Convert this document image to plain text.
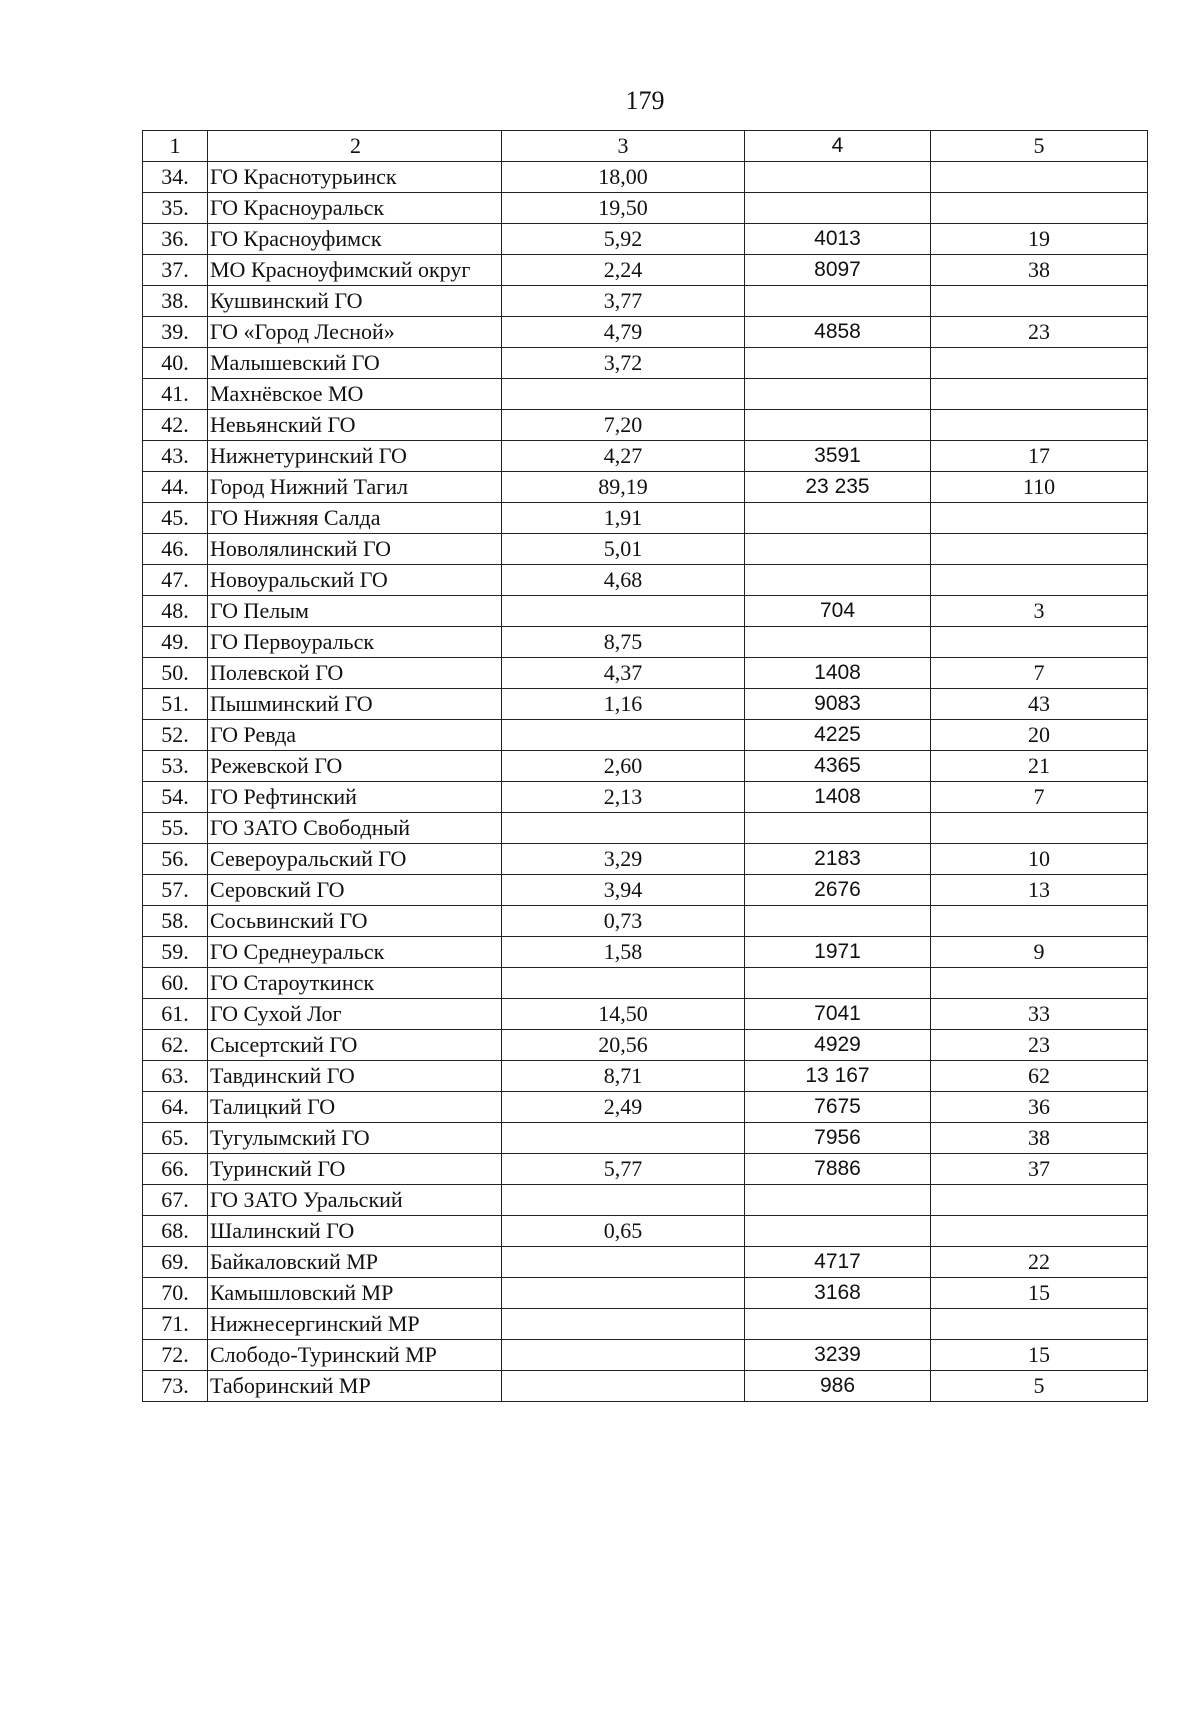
179
1	2	3	4	5
34.	ГО Краснотурьинск	18,00		
35.	ГО Красноуральск	19,50		
36.	ГО Красноуфимск	5,92	4013	19
37.	МО Красноуфимский округ	2,24	8097	38
38.	Кушвинский ГО	3,77		
39.	ГО «Город Лесной»	4,79	4858	23
40.	Малышевский ГО	3,72		
41.	Махнёвское МО			
42.	Невьянский ГО	7,20		
43.	Нижнетуринский ГО	4,27	3591	17
44.	Город Нижний Тагил	89,19	23 235	110
45.	ГО Нижняя Салда	1,91		
46.	Новолялинский ГО	5,01		
47.	Новоуральский ГО	4,68		
48.	ГО Пелым		704	3
49.	ГО Первоуральск	8,75		
50.	Полевской ГО	4,37	1408	7
51.	Пышминский ГО	1,16	9083	43
52.	ГО Ревда		4225	20
53.	Режевской ГО	2,60	4365	21
54.	ГО Рефтинский	2,13	1408	7
55.	ГО ЗАТО Свободный			
56.	Североуральский ГО	3,29	2183	10
57.	Серовский ГО	3,94	2676	13
58.	Сосьвинский ГО	0,73		
59.	ГО Среднеуральск	1,58	1971	9
60.	ГО Староуткинск			
61.	ГО Сухой Лог	14,50	7041	33
62.	Сысертский ГО	20,56	4929	23
63.	Тавдинский ГО	8,71	13 167	62
64.	Талицкий ГО	2,49	7675	36
65.	Тугулымский ГО		7956	38
66.	Туринский ГО	5,77	7886	37
67.	ГО ЗАТО Уральский			
68.	Шалинский ГО	0,65		
69.	Байкаловский МР		4717	22
70.	Камышловский МР		3168	15
71.	Нижнесергинский МР			
72.	Слободо-Туринский МР		3239	15
73.	Таборинский МР		986	5
